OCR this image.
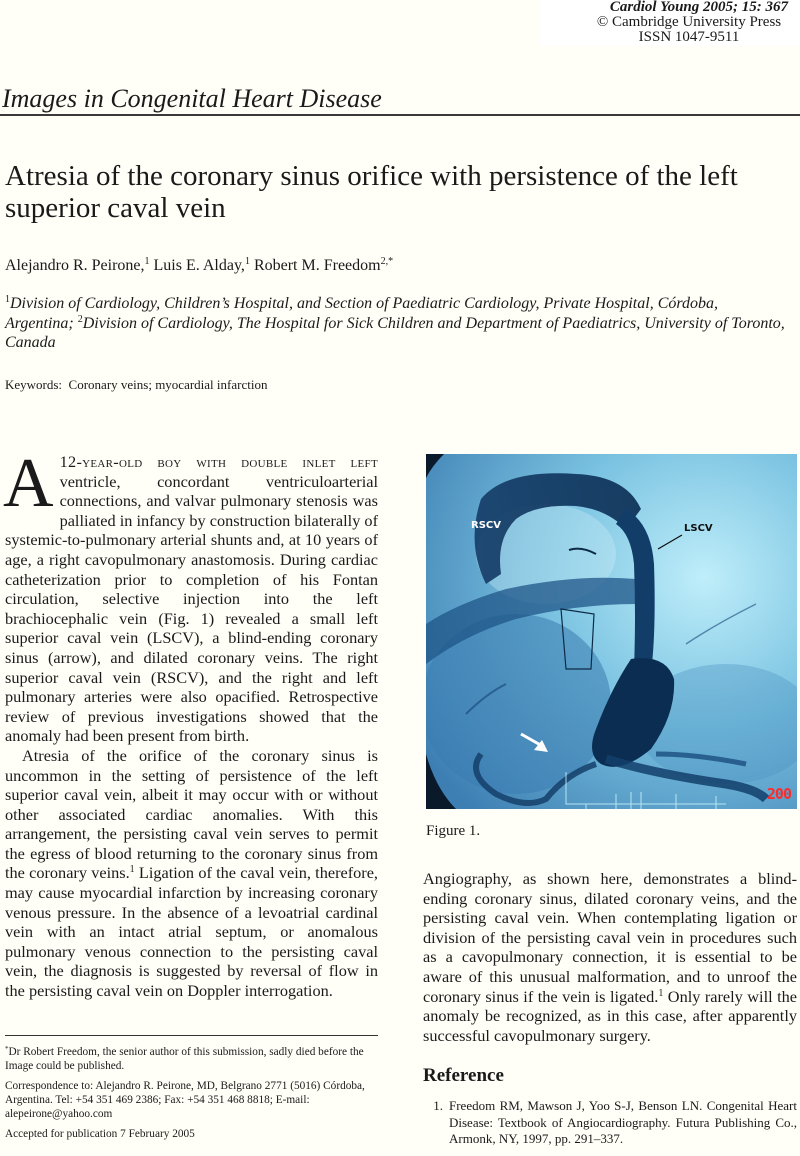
Cardiol Young 2005; 15: 367
© Cambridge University Press
ISSN 1047-9511
Images in Congenital Heart Disease
Atresia of the coronary sinus orifice with persistence of the left superior caval vein
Alejandro R. Peirone,$^1$ Luis E. Alday,$^1$ Robert M. Freedom$^{2,*}$
$^1$Division of Cardiology, Children’s Hospital, and Section of Paediatric Cardiology, Private Hospital, Córdoba, Argentina; $^2$Division of Cardiology, The Hospital for Sick Children and Department of Paediatrics, University of Toronto, Canada
Keywords: Coronary veins; myocardial infarction

A 12-year-old boy with double inlet left ventricle, concordant ventriculoarterial connections, and valvar pulmonary stenosis was palliated in infancy by construction bilaterally of systemic-to-pulmonary arterial shunts and, at 10 years of age, a right cavopulmonary anastomosis. During cardiac catheterization prior to completion of his Fontan circulation, selective injection into the left brachiocephalic vein (Fig. 1) revealed a small left superior caval vein (LSCV), a blind-ending coronary sinus (arrow), and dilated coronary veins. The right superior caval vein (RSCV), and the right and left pulmonary arteries were also opacified. Retrospective review of previous investigations showed that the anomaly had been present from birth.

Atresia of the orifice of the coronary sinus is uncommon in the setting of persistence of the left superior caval vein, albeit it may occur with or without other associated cardiac anomalies. With this arrangement, the persisting caval vein serves to permit the egress of blood returning to the coronary sinus from the coronary veins.$^1$ Ligation of the caval vein, therefore, may cause myocardial infarction by increasing coronary venous pressure. In the absence of a levoatrial cardinal vein with an intact atrial septum, or anomalous pulmonary venous connection to the persisting caval vein, the diagnosis is suggested by reversal of flow in the persisting caval vein on Doppler interrogation.

*Dr Robert Freedom, the senior author of this submission, sadly died before the Image could be published.

Correspondence to: Alejandro R. Peirone, MD, Belgrano 2771 (5016) Córdoba, Argentina. Tel: +54 351 469 2386; Fax: +54 351 468 8818; E-mail: alepeirone@yahoo.com

Accepted for publication 7 February 2005

RSCV	LSCV
200
Figure 1.

Angiography, as shown here, demonstrates a blind-ending coronary sinus, dilated coronary veins, and the persisting caval vein. When contemplating ligation or division of the persisting caval vein in procedures such as a cavopulmonary connection, it is essential to be aware of this unusual malformation, and to unroof the coronary sinus if the vein is ligated.$^1$ Only rarely will the anomaly be recognized, as in this case, after apparently successful cavopulmonary surgery.

Reference
1. Freedom RM, Mawson J, Yoo S-J, Benson LN. Congenital Heart Disease: Textbook of Angiocardiography. Futura Publishing Co., Armonk, NY, 1997, pp. 291–337.
